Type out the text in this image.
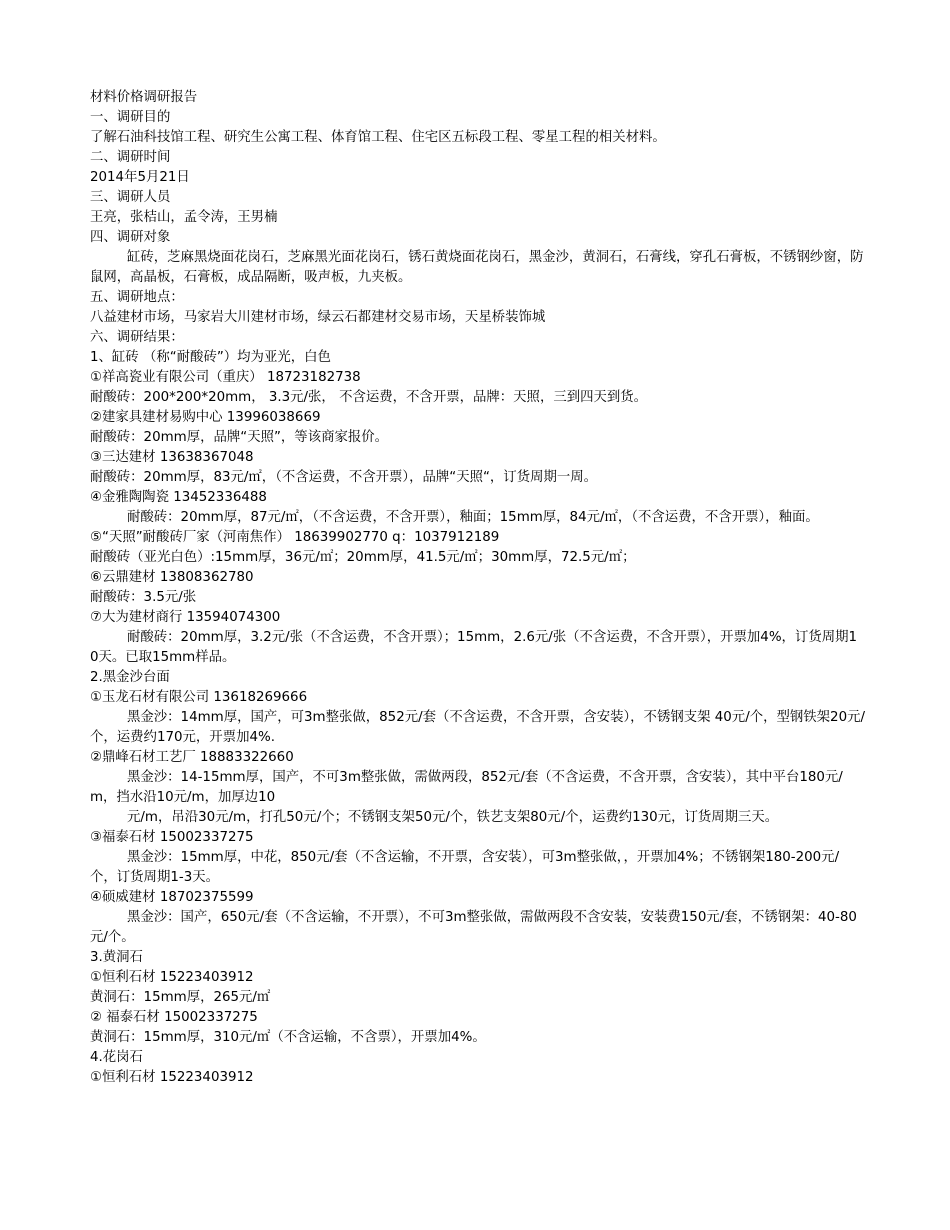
材料价格调研报告

一、调研目的

了解石油科技馆工程、研究生公寓工程、体育馆工程、住宅区五标段工程、零星工程的相关材料。

二、调研时间

2014年5月21日

三、调研人员

王亮，张桔山，孟令涛，王男楠

四、调研对象

缸砖，芝麻黑烧面花岗石，芝麻黑光面花岗石，锈石黄烧面花岗石，黑金沙，黄洞石，石膏线，穿孔石膏板，不锈钢纱窗，防鼠网，高晶板，石膏板，成品隔断，吸声板，九夹板。

五、调研地点：

八益建材市场，马家岩大川建材市场，绿云石都建材交易市场，天星桥装饰城

六、调研结果：

1、缸砖 （称“耐酸砖”）均为亚光，白色

①祥高瓷业有限公司（重庆） 18723182738

耐酸砖：200*200*20mm， 3.3元/张， 不含运费，不含开票，品牌：天照，三到四天到货。

②建家具建材易购中心 13996038669

耐酸砖：20mm厚，品牌“天照”，等该商家报价。

③三达建材 13638367048

耐酸砖：20mm厚，83元/㎡，（不含运费，不含开票），品牌“天照“，订货周期一周。

④金雅陶陶瓷 13452336488

耐酸砖：20mm厚，87元/㎡，（不含运费，不含开票），釉面；15mm厚，84元/㎡，（不含运费，不含开票），釉面。

⑤“天照”耐酸砖厂家（河南焦作） 18639902770 q：1037912189

耐酸砖（亚光白色）:15mm厚，36元/㎡；20mm厚，41.5元/㎡；30mm厚，72.5元/㎡；

⑥云鼎建材 13808362780

耐酸砖：3.5元/张

⑦大为建材商行 13594074300

耐酸砖：20mm厚，3.2元/张（不含运费，不含开票）；15mm，2.6元/张（不含运费，不含开票），开票加4%，订货周期10天。已取15mm样品。

2.黑金沙台面

①玉龙石材有限公司 13618269666

黑金沙：14mm厚，国产，可3m整张做，852元/套（不含运费，不含开票，含安装），不锈钢支架 40元/个，型钢铁架20元/个，运费约170元，开票加4%.

②鼎峰石材工艺厂 18883322660

黑金沙：14-15mm厚，国产，不可3m整张做，需做两段，852元/套（不含运费，不含开票，含安装），其中平台180元/m，挡水沿10元/m，加厚边10

元/m，吊沿30元/m，打孔50元/个；不锈钢支架50元/个，铁艺支架80元/个，运费约130元，订货周期三天。

③福泰石材 15002337275

黑金沙：15mm厚，中花，850元/套（不含运输，不开票，含安装），可3m整张做，，开票加4%；不锈钢架180-200元/个，订货周期1-3天。

④硕威建材 18702375599

黑金沙：国产，650元/套（不含运输，不开票），不可3m整张做，需做两段不含安装，安装费150元/套，不锈钢架：40-80元/个。

3.黄洞石

①恒利石材 15223403912

黄洞石：15mm厚，265元/㎡

② 福泰石材 15002337275

黄洞石：15mm厚，310元/㎡（不含运输，不含票），开票加4%。

4.花岗石

①恒利石材 15223403912
